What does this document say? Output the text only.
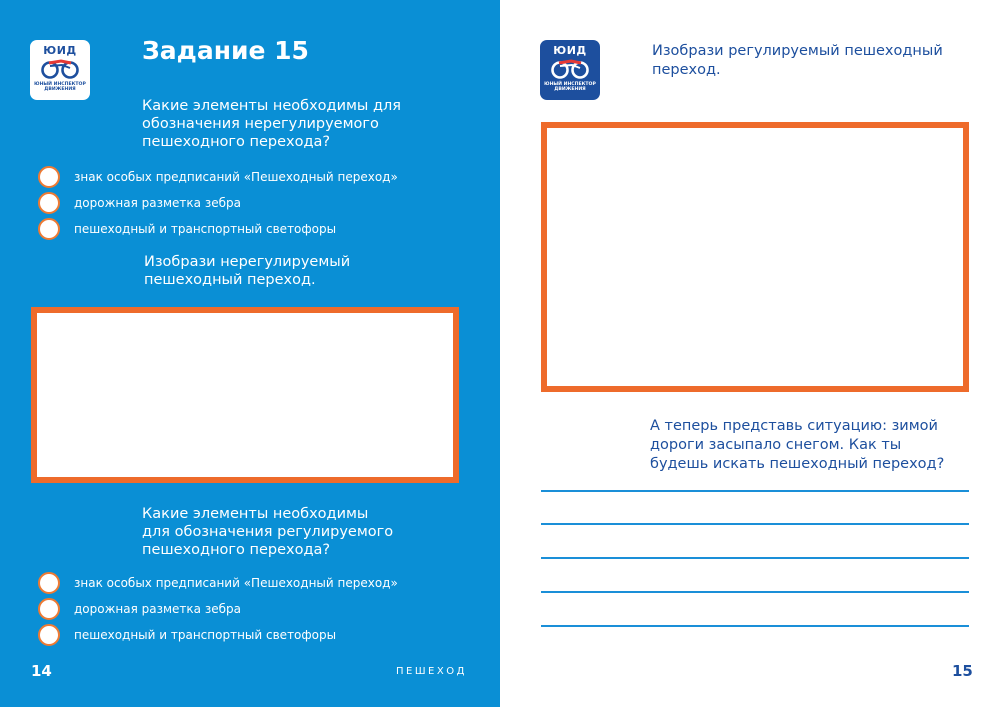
ЮИД
ЮНЫЙ ИНСПЕКТОР ДВИЖЕНИЯ
Задание 15

Какие элементы необходимы для
обозначения нерегулируемого
пешеходного перехода?

знак особых предписаний «Пешеходный переход»
дорожная разметка зебра
пешеходный и транспортный светофоры

Изобрази нерегулируемый
пешеходный переход.

Какие элементы необходимы
для обозначения регулируемого
пешеходного перехода?

знак особых предписаний «Пешеходный переход»
дорожная разметка зебра
пешеходный и транспортный светофоры

14	ПЕШЕХОД

ЮИД
ЮНЫЙ ИНСПЕКТОР ДВИЖЕНИЯ

Изобрази регулируемый пешеходный
переход.

А теперь представь ситуацию: зимой
дороги засыпало снегом. Как ты
будешь искать пешеходный переход?

15
